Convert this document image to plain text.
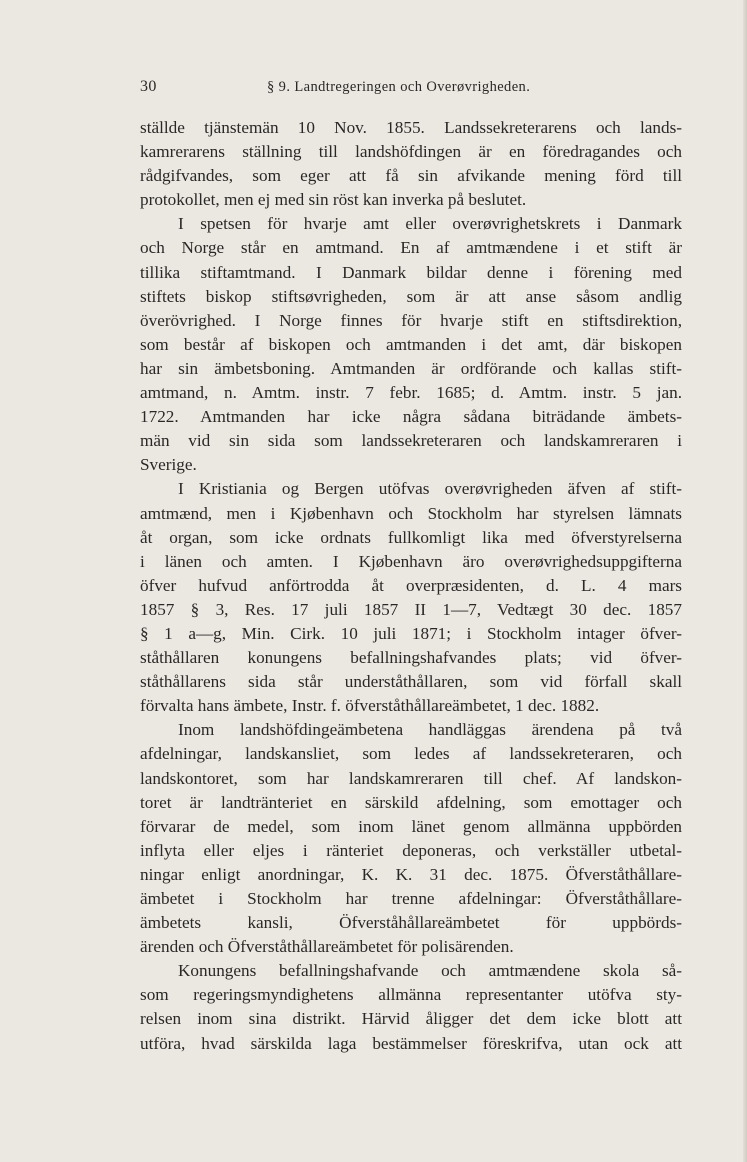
30	§ 9. Landtregeringen och Overøvrigheden.
ställde tjänstemän 10 Nov. 1855. Landssekreterarens och lands-
kamrerarens ställning till landshöfdingen är en föredragandes och
rådgifvandes, som eger att få sin afvikande mening förd till
protokollet, men ej med sin röst kan inverka på beslutet.
I spetsen för hvarje amt eller overøvrighetskrets i Danmark
och Norge står en amtmand. En af amtmændene i et stift är
tillika stiftamtmand. I Danmark bildar denne i förening med
stiftets biskop stiftsøvrigheden, som är att anse såsom andlig
överövrighed. I Norge finnes för hvarje stift en stiftsdirektion,
som består af biskopen och amtmanden i det amt, där biskopen
har sin ämbetsboning. Amtmanden är ordförande och kallas stift-
amtmand, n. Amtm. instr. 7 febr. 1685; d. Amtm. instr. 5 jan.
1722. Amtmanden har icke några sådana biträdande ämbets-
män vid sin sida som landssekreteraren och landskamreraren i
Sverige.
I Kristiania og Bergen utöfvas overøvrigheden äfven af stift-
amtmænd, men i Kjøbenhavn och Stockholm har styrelsen lämnats
åt organ, som icke ordnats fullkomligt lika med öfverstyrelserna
i länen och amten. I Kjøbenhavn äro overøvrighedsuppgifterna
öfver hufvud anförtrodda åt overpræsidenten, d. L. 4 mars
1857 § 3, Res. 17 juli 1857 II 1—7, Vedtægt 30 dec. 1857
§ 1 a—g, Min. Cirk. 10 juli 1871; i Stockholm intager öfver-
ståthållaren konungens befallningshafvandes plats; vid öfver-
ståthållarens sida står underståthållaren, som vid förfall skall
förvalta hans ämbete, Instr. f. öfverståthållareämbetet, 1 dec. 1882.
Inom landshöfdingeämbetena handläggas ärendena på två
afdelningar, landskansliet, som ledes af landssekreteraren, och
landskontoret, som har landskamreraren till chef. Af landskon-
toret är landtränteriet en särskild afdelning, som emottager och
förvarar de medel, som inom länet genom allmänna uppbörden
inflyta eller eljes i ränteriet deponeras, och verkställer utbetal-
ningar enligt anordningar, K. K. 31 dec. 1875. Öfverståthållare-
ämbetet i Stockholm har trenne afdelningar: Öfverståthållare-
ämbetets kansli, Öfverståhållareämbetet för uppbörds-
ärenden och Öfverståthållareämbetet för polisärenden.
Konungens befallningshafvande och amtmændene skola så-
som regeringsmyndighetens allmänna representanter utöfva sty-
relsen inom sina distrikt. Härvid åligger det dem icke blott att
utföra, hvad särskilda laga bestämmelser föreskrifva, utan ock att
